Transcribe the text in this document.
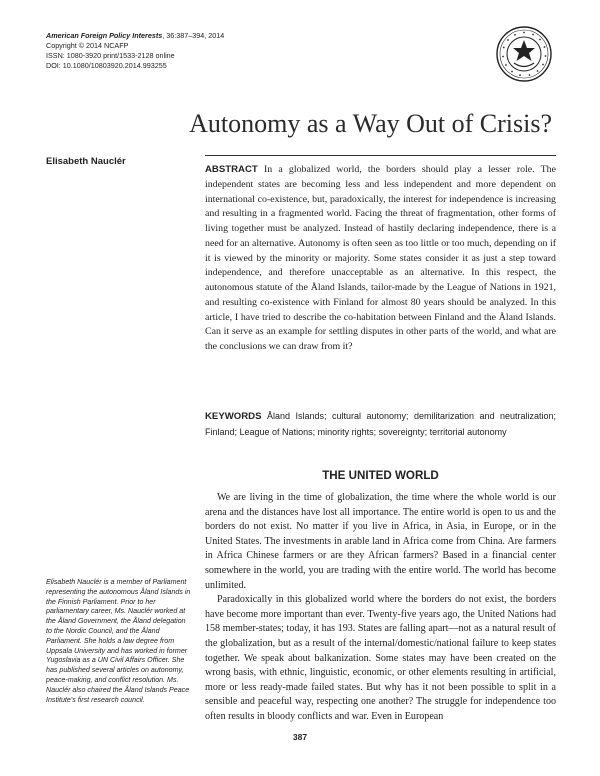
American Foreign Policy Interests, 36:387–394, 2014
Copyright © 2014 NCAFP
ISSN: 1080-3920 print/1533-2128 online
DOI: 10.1080/10803920.2014.993255
Autonomy as a Way Out of Crisis?
Elisabeth Nauclér
ABSTRACT In a globalized world, the borders should play a lesser role. The independent states are becoming less and less independent and more dependent on international co-existence, but, paradoxically, the interest for independence is increasing and resulting in a fragmented world. Facing the threat of fragmentation, other forms of living together must be analyzed. Instead of hastily declaring independence, there is a need for an alternative. Autonomy is often seen as too little or too much, depending on if it is viewed by the minority or majority. Some states consider it as just a step toward independence, and therefore unacceptable as an alternative. In this respect, the autonomous statute of the Åland Islands, tailor-made by the League of Nations in 1921, and resulting co-existence with Finland for almost 80 years should be analyzed. In this article, I have tried to describe the co-habitation between Finland and the Åland Islands. Can it serve as an example for settling disputes in other parts of the world, and what are the conclusions we can draw from it?
KEYWORDS Åland Islands; cultural autonomy; demilitarization and neutralization; Finland; League of Nations; minority rights; sovereignty; territorial autonomy
THE UNITED WORLD

We are living in the time of globalization, the time where the whole world is our arena and the distances have lost all importance. The entire world is open to us and the borders do not exist. No matter if you live in Africa, in Asia, in Europe, or in the United States. The investments in arable land in Africa come from China. Are farmers in Africa Chinese farmers or are they African farmers? Based in a financial center somewhere in the world, you are trading with the entire world. The world has become unlimited.

Paradoxically in this globalized world where the borders do not exist, the borders have become more important than ever. Twenty-five years ago, the United Nations had 158 member-states; today, it has 193. States are falling apart—not as a natural result of the globalization, but as a result of the internal/domestic/national failure to keep states together. We speak about balkanization. Some states may have been created on the wrong basis, with ethnic, linguistic, economic, or other elements resulting in artificial, more or less ready-made failed states. But why has it not been possible to split in a sensible and peaceful way, respecting one another? The struggle for independence too often results in bloody conflicts and war. Even in European

Elisabeth Nauclér is a member of Parliament representing the autonomous Åland Islands in the Finnish Parliament. Prior to her parliamentary career, Ms. Nauclér worked at the Åland Government, the Åland delegation to the Nordic Council, and the Åland Parliament. She holds a law degree from Uppsala University and has worked in former Yugoslavia as a UN Civil Affairs Officer. She has published several articles on autonomy, peace-making, and conflict resolution. Ms. Nauclér also chaired the Åland Islands Peace Institute's first research council.
387
